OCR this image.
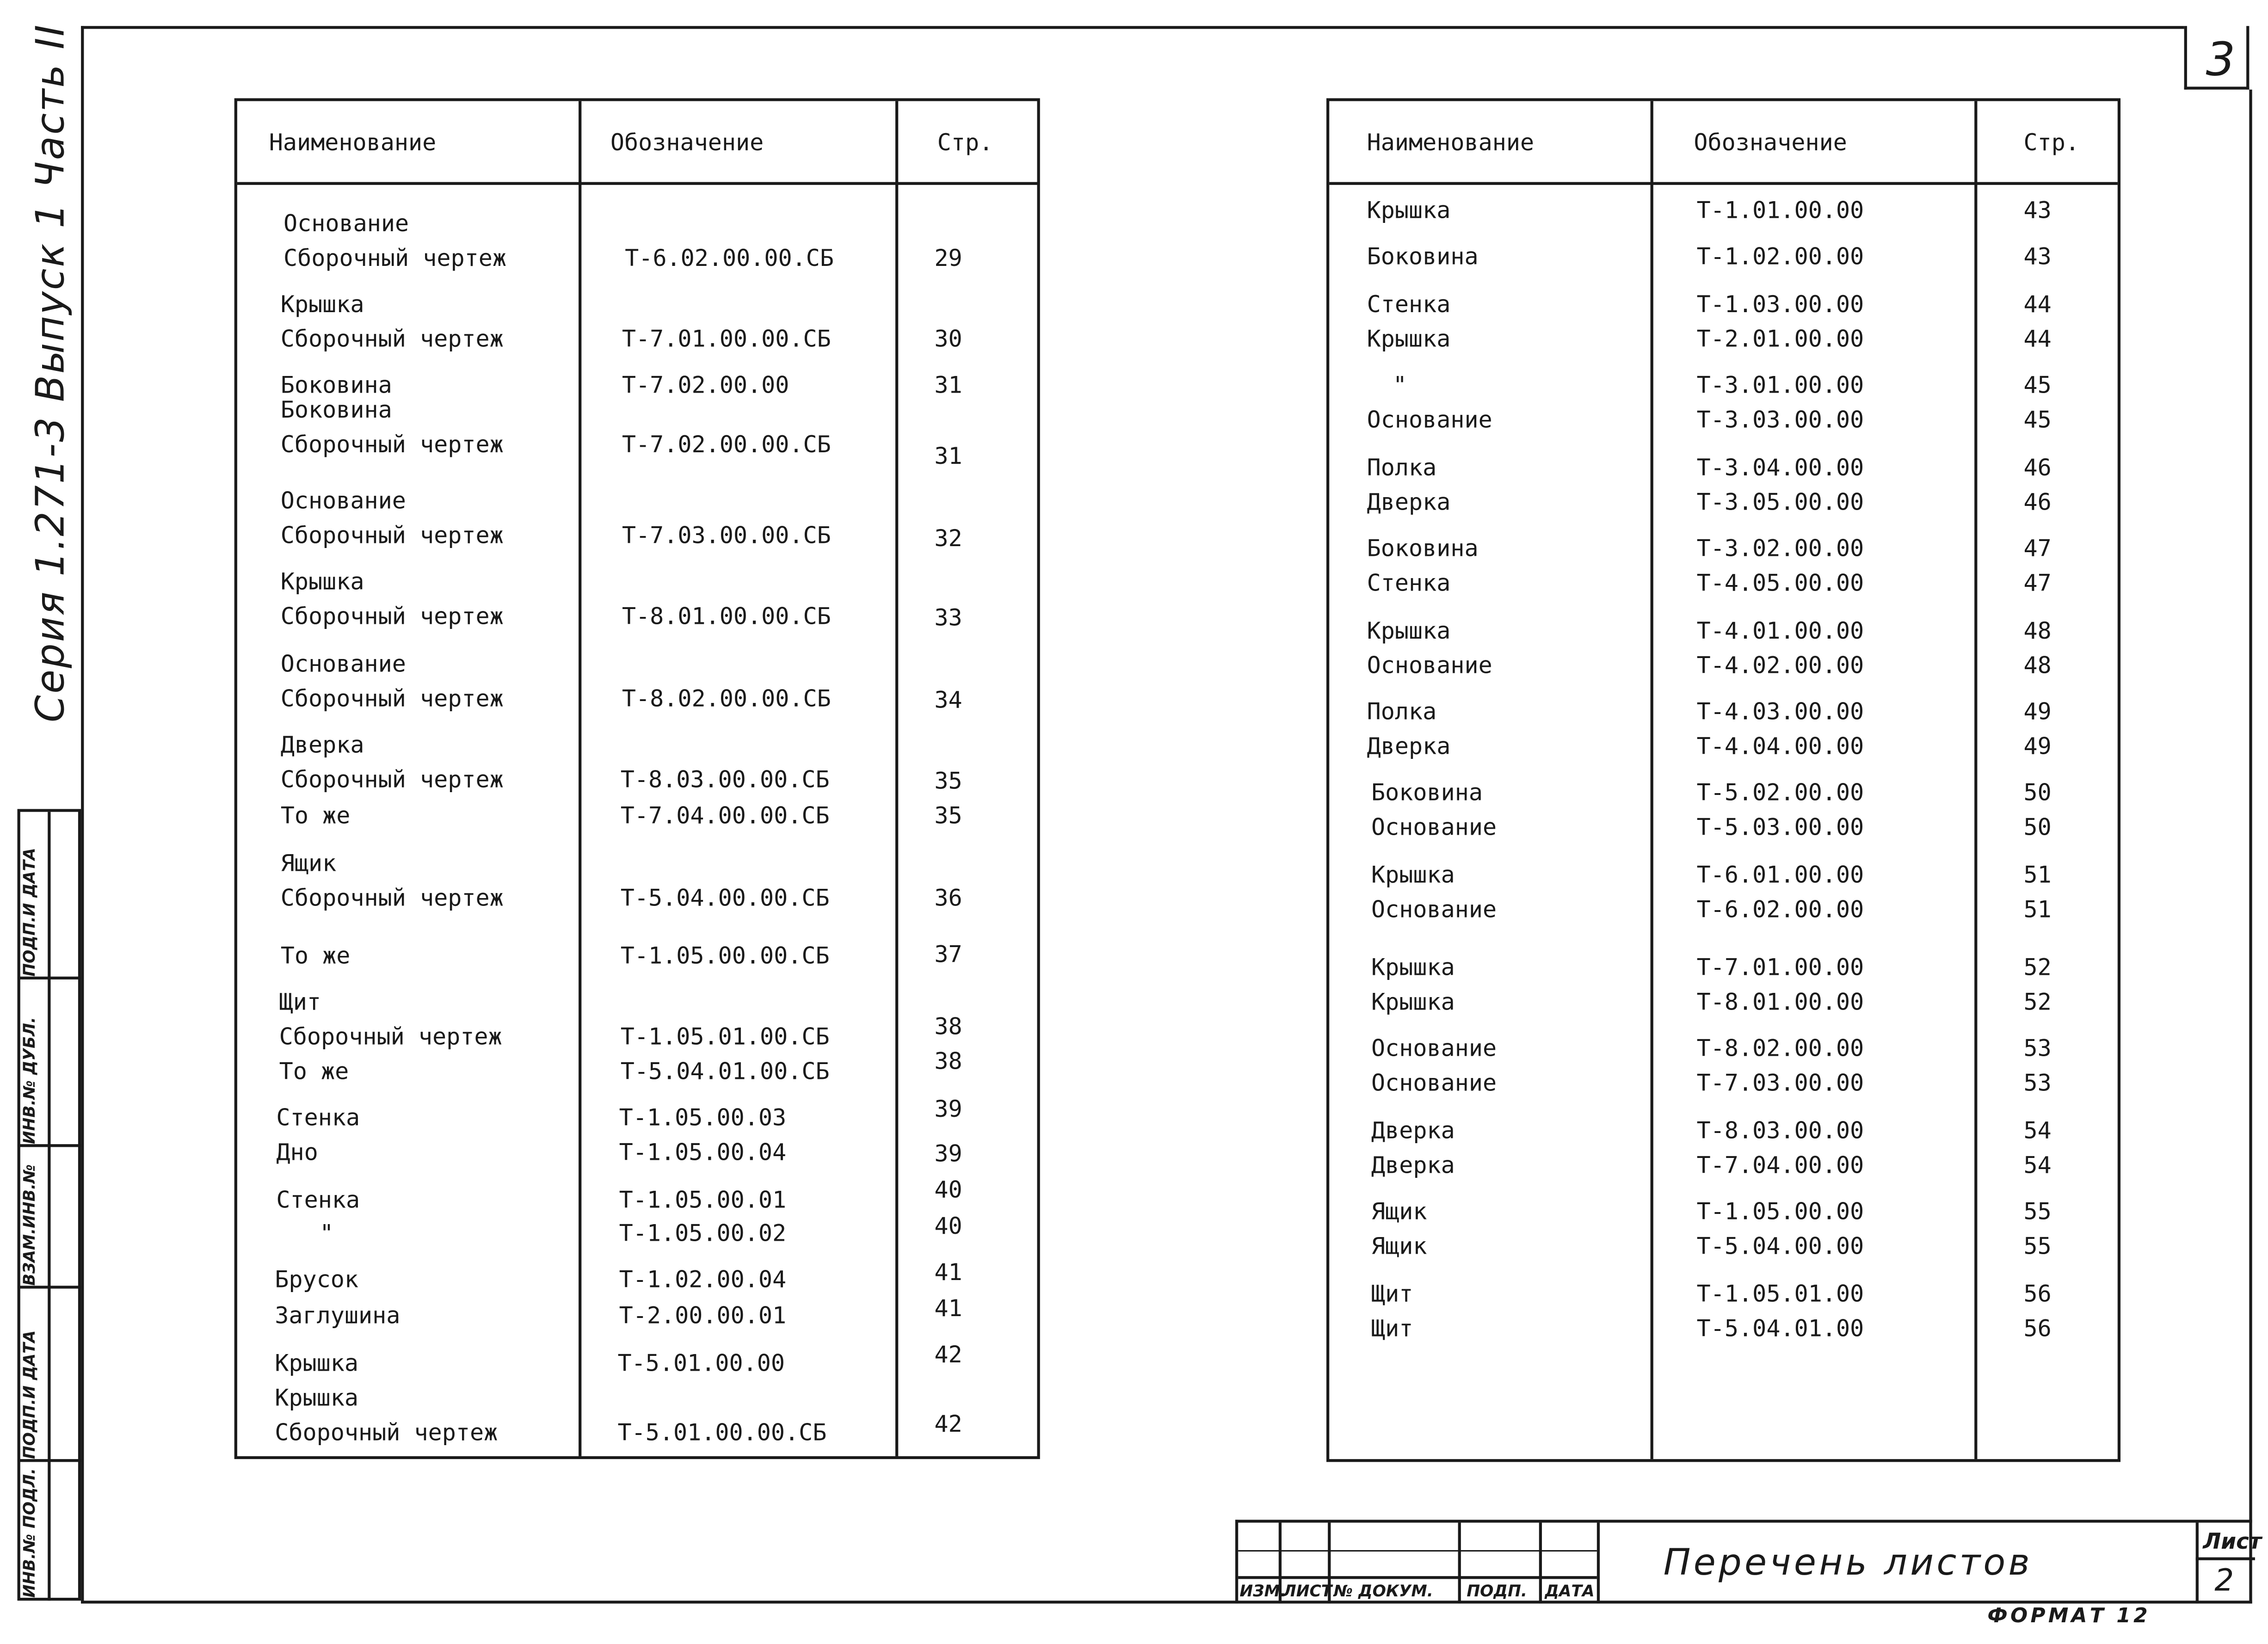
3
Серия 1.271-3 Выпуск 1 Часть II
ИНВ.№ ПОДЛ.
ПОДП.И ДАТА
ВЗАМ.ИНВ.№
ИНВ.№ ДУБЛ.
ПОДП.И ДАТА
Наименование	Обозначение	Стр.
Основание
Сборочный чертеж	Т-6.02.00.00.СБ	29
Крышка
Сборочный чертеж	Т-7.01.00.00.СБ	30
Боковина	Т-7.02.00.00	31
Боковина
Сборочный чертеж	Т-7.02.00.00.СБ	31
Основание
Сборочный чертеж	Т-7.03.00.00.СБ	32
Крышка
Сборочный чертеж	Т-8.01.00.00.СБ	33
Основание
Сборочный чертеж	Т-8.02.00.00.СБ	34
Дверка
Сборочный чертеж	Т-8.03.00.00.СБ	35
То же	Т-7.04.00.00.СБ	35
Ящик
Сборочный чертеж	Т-5.04.00.00.СБ	36
То же	Т-1.05.00.00.СБ	37
Щит
Сборочный чертеж	Т-1.05.01.00.СБ	38
То же	Т-5.04.01.00.СБ	38
Стенка	Т-1.05.00.03	39
Дно	Т-1.05.00.04	39
Стенка	Т-1.05.00.01	40
"	Т-1.05.00.02	40
Брусок	Т-1.02.00.04	41
Заглушина	Т-2.00.00.01	41
Крышка	Т-5.01.00.00	42
Крышка
Сборочный чертеж	Т-5.01.00.00.СБ	42
Наименование	Обозначение	Стр.
Крышка	Т-1.01.00.00	43
Боковина	Т-1.02.00.00	43
Стенка	Т-1.03.00.00	44
Крышка	Т-2.01.00.00	44
"	Т-3.01.00.00	45
Основание	Т-3.03.00.00	45
Полка	Т-3.04.00.00	46
Дверка	Т-3.05.00.00	46
Боковина	Т-3.02.00.00	47
Стенка	Т-4.05.00.00	47
Крышка	Т-4.01.00.00	48
Основание	Т-4.02.00.00	48
Полка	Т-4.03.00.00	49
Дверка	Т-4.04.00.00	49
Боковина	Т-5.02.00.00	50
Основание	Т-5.03.00.00	50
Крышка	Т-6.01.00.00	51
Основание	Т-6.02.00.00	51
Крышка	Т-7.01.00.00	52
Крышка	Т-8.01.00.00	52
Основание	Т-8.02.00.00	53
Основание	Т-7.03.00.00	53
Дверка	Т-8.03.00.00	54
Дверка	Т-7.04.00.00	54
Ящик	Т-1.05.00.00	55
Ящик	Т-5.04.00.00	55
Щит	Т-1.05.01.00	56
Щит	Т-5.04.01.00	56
ИЗМ.
ЛИСТ № ДОКУМ.	ПОДП.	ДАТА
Перечень листов	Лист
2
ФОРМАТ 12
